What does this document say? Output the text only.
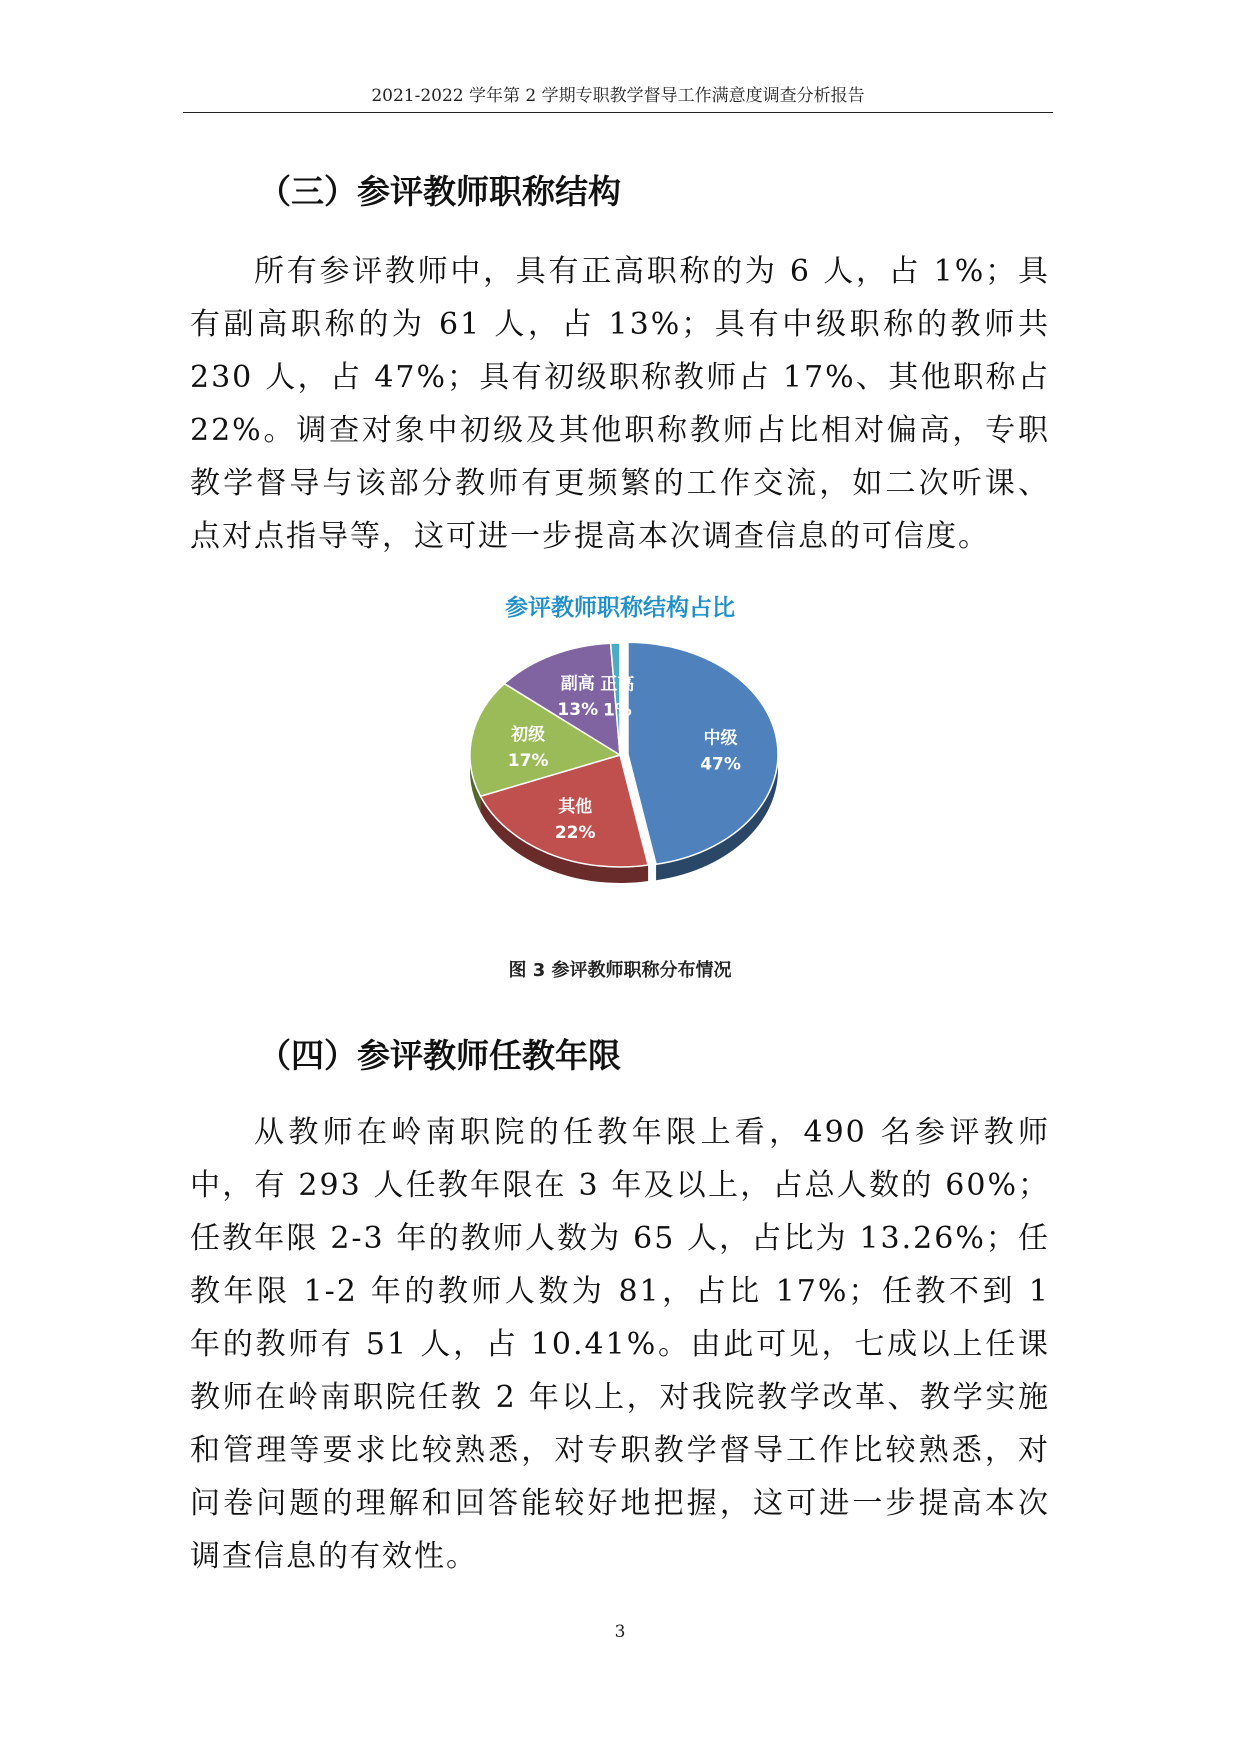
2021-2022 学年第 2 学期专职教学督导工作满意度调查分析报告
（三）参评教师职称结构

所有参评教师中，具有正高职称的为 6 人，占 1%；具有副高职称的为 61 人，占 13%；具有中级职称的教师共 230 人，占 47%；具有初级职称教师占 17%、其他职称占 22%。调查对象中初级及其他职称教师占比相对偏高，专职教学督导与该部分教师有更频繁的工作交流，如二次听课、点对点指导等，这可进一步提高本次调查信息的可信度。

参评教师职称结构占比
中级
47%
其他
22%
初级
17%
副高
13%
正高
1%
图 3 参评教师职称分布情况
（四）参评教师任教年限

从教师在岭南职院的任教年限上看，490 名参评教师中，有 293 人任教年限在 3 年及以上，占总人数的 60%；任教年限 2-3 年的教师人数为 65 人，占比为 13.26%；任教年限 1-2 年的教师人数为 81，占比 17%；任教不到 1 年的教师有 51 人，占 10.41%。由此可见，七成以上任课教师在岭南职院任教 2 年以上，对我院教学改革、教学实施和管理等要求比较熟悉，对专职教学督导工作比较熟悉，对问卷问题的理解和回答能较好地把握，这可进一步提高本次调查信息的有效性。

3
